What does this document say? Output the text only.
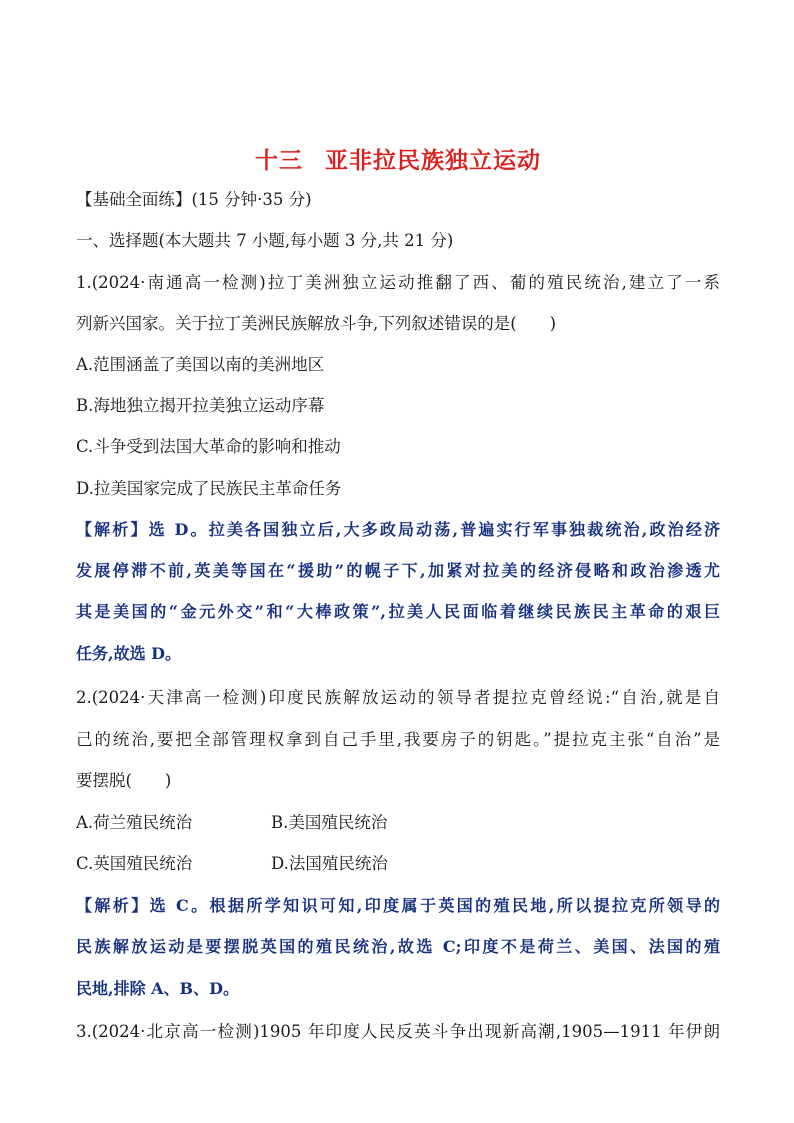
十三 亚非拉民族独立运动
【基础全面练】(15 分钟·35 分)
一、选择题(本大题共 7 小题,每小题 3 分,共 21 分)
1.(2024·南通高一检测)拉丁美洲独立运动推翻了西、葡的殖民统治,建立了一系
列新兴国家。关于拉丁美洲民族解放斗争,下列叙述错误的是(　　)
A.范围涵盖了美国以南的美洲地区
B.海地独立揭开拉美独立运动序幕
C.斗争受到法国大革命的影响和推动
D.拉美国家完成了民族民主革命任务
【解析】选 D。拉美各国独立后,大多政局动荡,普遍实行军事独裁统治,政治经济
发展停滞不前,英美等国在“援助”的幌子下,加紧对拉美的经济侵略和政治渗透尤
其是美国的“金元外交”和“大棒政策”,拉美人民面临着继续民族民主革命的艰巨
任务,故选 D。
2.(2024·天津高一检测)印度民族解放运动的领导者提拉克曾经说:“自治,就是自
己的统治,要把全部管理权拿到自己手里,我要房子的钥匙。”提拉克主张“自治”是
要摆脱(　　)
A.荷兰殖民统治	B.美国殖民统治
C.英国殖民统治	D.法国殖民统治
【解析】选 C。根据所学知识可知,印度属于英国的殖民地,所以提拉克所领导的
民族解放运动是要摆脱英国的殖民统治,故选 C;印度不是荷兰、美国、法国的殖
民地,排除 A、B、D。
3.(2024·北京高一检测)1905 年印度人民反英斗争出现新高潮,1905—1911 年伊朗
